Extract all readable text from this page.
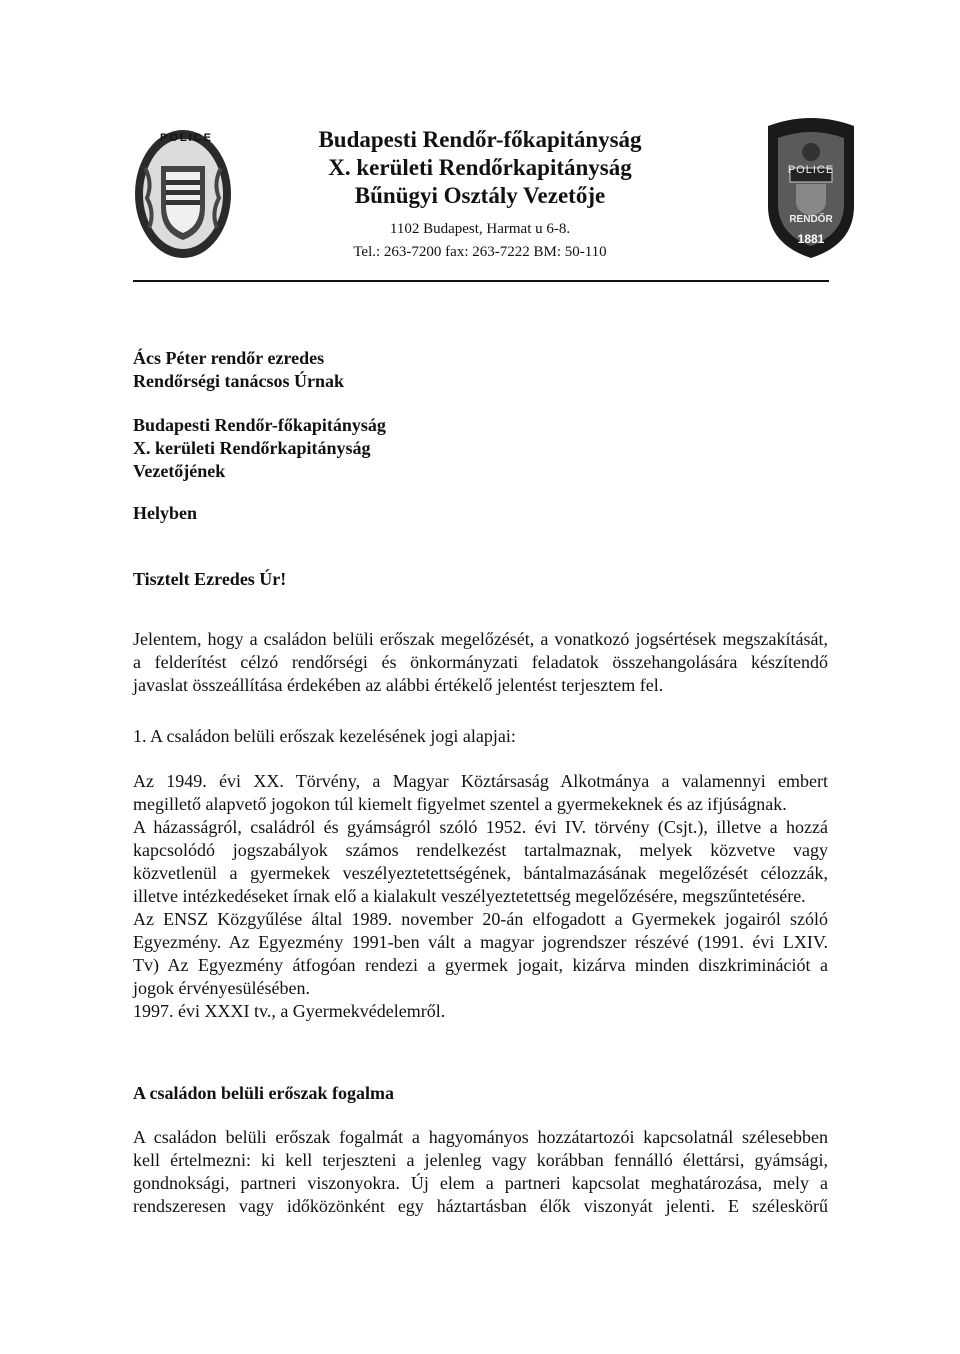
POLICE	Budapesti Rendőr-főkapitányság
X. kerületi Rendőrkapitányság
Bűnügyi Osztály Vezetője
1102 Budapest, Harmat u 6-8.
Tel.: 263-7200 fax: 263-7222 BM: 50-110
POLICE
RENDŐR
1881
Ács Péter rendőr ezredes
Rendőrségi tanácsos Úrnak
Budapesti Rendőr-főkapitányság
X. kerületi Rendőrkapitányság
Vezetőjének
Helyben
Tisztelt Ezredes Úr!

Jelentem, hogy a családon belüli erőszak megelőzését, a vonatkozó jogsértések megszakítását,

a felderítést célzó rendőrségi és önkormányzati feladatok összehangolására készítendő

javaslat összeállítása érdekében az alábbi értékelő jelentést terjesztem fel.

1. A családon belüli erőszak kezelésének jogi alapjai:

Az 1949. évi XX. Törvény, a Magyar Köztársaság Alkotmánya a valamennyi embert

megillető alapvető jogokon túl kiemelt figyelmet szentel a gyermekeknek és az ifjúságnak.

A házasságról, családról és gyámságról szóló 1952. évi IV. törvény (Csjt.), illetve a hozzá

kapcsolódó jogszabályok számos rendelkezést tartalmaznak, melyek közvetve vagy

közvetlenül a gyermekek veszélyeztetettségének, bántalmazásának megelőzését célozzák,

illetve intézkedéseket írnak elő a kialakult veszélyeztetettség megelőzésére, megszűntetésére.

Az ENSZ Közgyűlése által 1989. november 20-án elfogadott a Gyermekek jogairól szóló

Egyezmény. Az Egyezmény 1991-ben vált a magyar jogrendszer részévé (1991. évi LXIV.

Tv) Az Egyezmény átfogóan rendezi a gyermek jogait, kizárva minden diszkriminációt a

jogok érvényesülésében.

1997. évi XXXI tv., a Gyermekvédelemről.

A családon belüli erőszak fogalma

A családon belüli erőszak fogalmát a hagyományos hozzátartozói kapcsolatnál szélesebben

kell értelmezni: ki kell terjeszteni a jelenleg vagy korábban fennálló élettársi, gyámsági,

gondnoksági, partneri viszonyokra. Új elem a partneri kapcsolat meghatározása, mely a

rendszeresen vagy időközönként egy háztartásban élők viszonyát jelenti. E széleskörű
